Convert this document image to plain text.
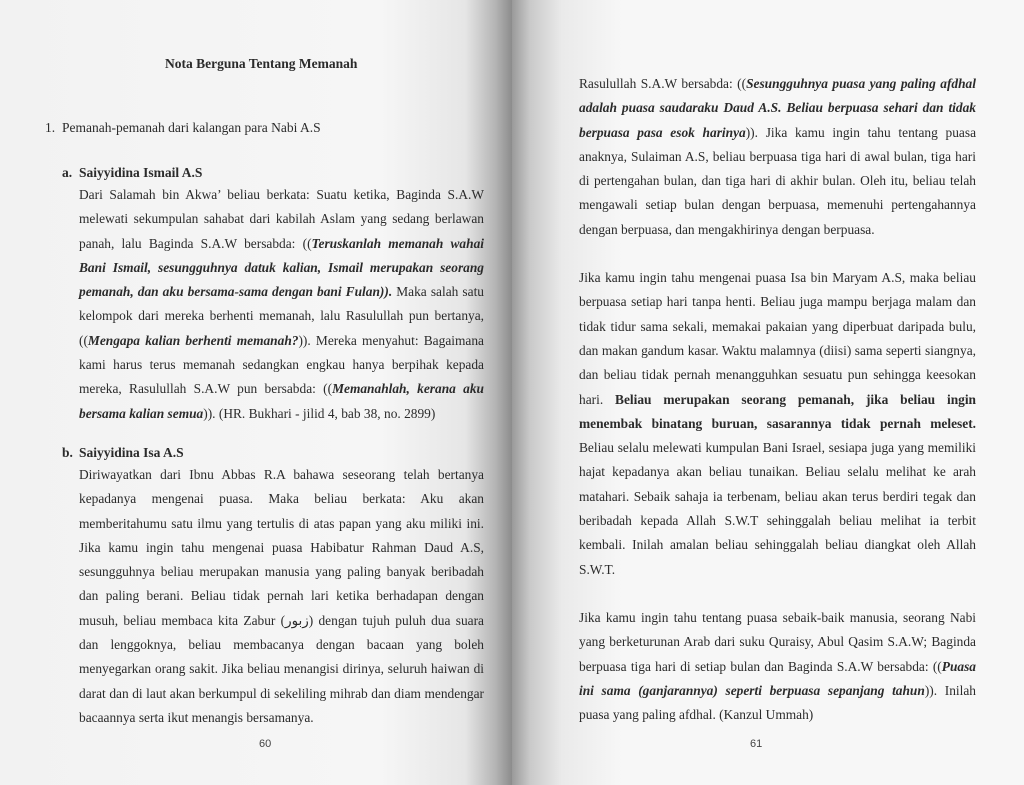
Nota Berguna Tentang Memanah
1. Pemanah-pemanah dari kalangan para Nabi A.S
a. Saiyyidina Ismail A.S

Dari Salamah bin Akwa’ beliau berkata: Suatu ketika, Baginda S.A.W melewati sekumpulan sahabat dari kabilah Aslam yang sedang berlawan panah, lalu Baginda S.A.W bersabda: ((Teruskanlah memanah wahai Bani Ismail, sesungguhnya datuk kalian, Ismail merupakan seorang pemanah, dan aku bersama-sama dengan bani Fulan)). Maka salah satu kelompok dari mereka berhenti memanah, lalu Rasulullah pun bertanya, ((Mengapa kalian berhenti memanah?)). Mereka menyahut: Bagaimana kami harus terus memanah sedangkan engkau hanya berpihak kepada mereka, Rasulullah S.A.W pun bersabda: ((Memanahlah, kerana aku bersama kalian semua)). (HR. Bukhari - jilid 4, bab 38, no. 2899)

b. Saiyyidina Isa A.S

Diriwayatkan dari Ibnu Abbas R.A bahawa seseorang telah bertanya kepadanya mengenai puasa. Maka beliau berkata: Aku akan memberitahumu satu ilmu yang tertulis di atas papan yang aku miliki ini. Jika kamu ingin tahu mengenai puasa Habibatur Rahman Daud A.S, sesungguhnya beliau merupakan manusia yang paling banyak beribadah dan paling berani. Beliau tidak pernah lari ketika berhadapan dengan musuh, beliau membaca kita Zabur (زبور) dengan tujuh puluh dua suara dan lenggoknya, beliau membacanya dengan bacaan yang boleh menyegarkan orang sakit. Jika beliau menangisi dirinya, seluruh haiwan di darat dan di laut akan berkumpul di sekeliling mihrab dan diam mendengar bacaannya serta ikut menangis bersamanya.

60

Rasulullah S.A.W bersabda: ((Sesungguhnya puasa yang paling afdhal adalah puasa saudaraku Daud A.S. Beliau berpuasa sehari dan tidak berpuasa pasa esok harinya)). Jika kamu ingin tahu tentang puasa anaknya, Sulaiman A.S, beliau berpuasa tiga hari di awal bulan, tiga hari di pertengahan bulan, dan tiga hari di akhir bulan. Oleh itu, beliau telah mengawali setiap bulan dengan berpuasa, memenuhi pertengahannya dengan berpuasa, dan mengakhirinya dengan berpuasa.

Jika kamu ingin tahu mengenai puasa Isa bin Maryam A.S, maka beliau berpuasa setiap hari tanpa henti. Beliau juga mampu berjaga malam dan tidak tidur sama sekali, memakai pakaian yang diperbuat daripada bulu, dan makan gandum kasar. Waktu malamnya (diisi) sama seperti siangnya, dan beliau tidak pernah menangguhkan sesuatu pun sehingga keesokan hari. Beliau merupakan seorang pemanah, jika beliau ingin menembak binatang buruan, sasarannya tidak pernah meleset. Beliau selalu melewati kumpulan Bani Israel, sesiapa juga yang memiliki hajat kepadanya akan beliau tunaikan. Beliau selalu melihat ke arah matahari. Sebaik sahaja ia terbenam, beliau akan terus berdiri tegak dan beribadah kepada Allah S.W.T sehinggalah beliau melihat ia terbit kembali. Inilah amalan beliau sehinggalah beliau diangkat oleh Allah S.W.T.

Jika kamu ingin tahu tentang puasa sebaik-baik manusia, seorang Nabi yang berketurunan Arab dari suku Quraisy, Abul Qasim S.A.W; Baginda berpuasa tiga hari di setiap bulan dan Baginda S.A.W bersabda: ((Puasa ini sama (ganjarannya) seperti berpuasa sepanjang tahun)). Inilah puasa yang paling afdhal. (Kanzul Ummah)

61
